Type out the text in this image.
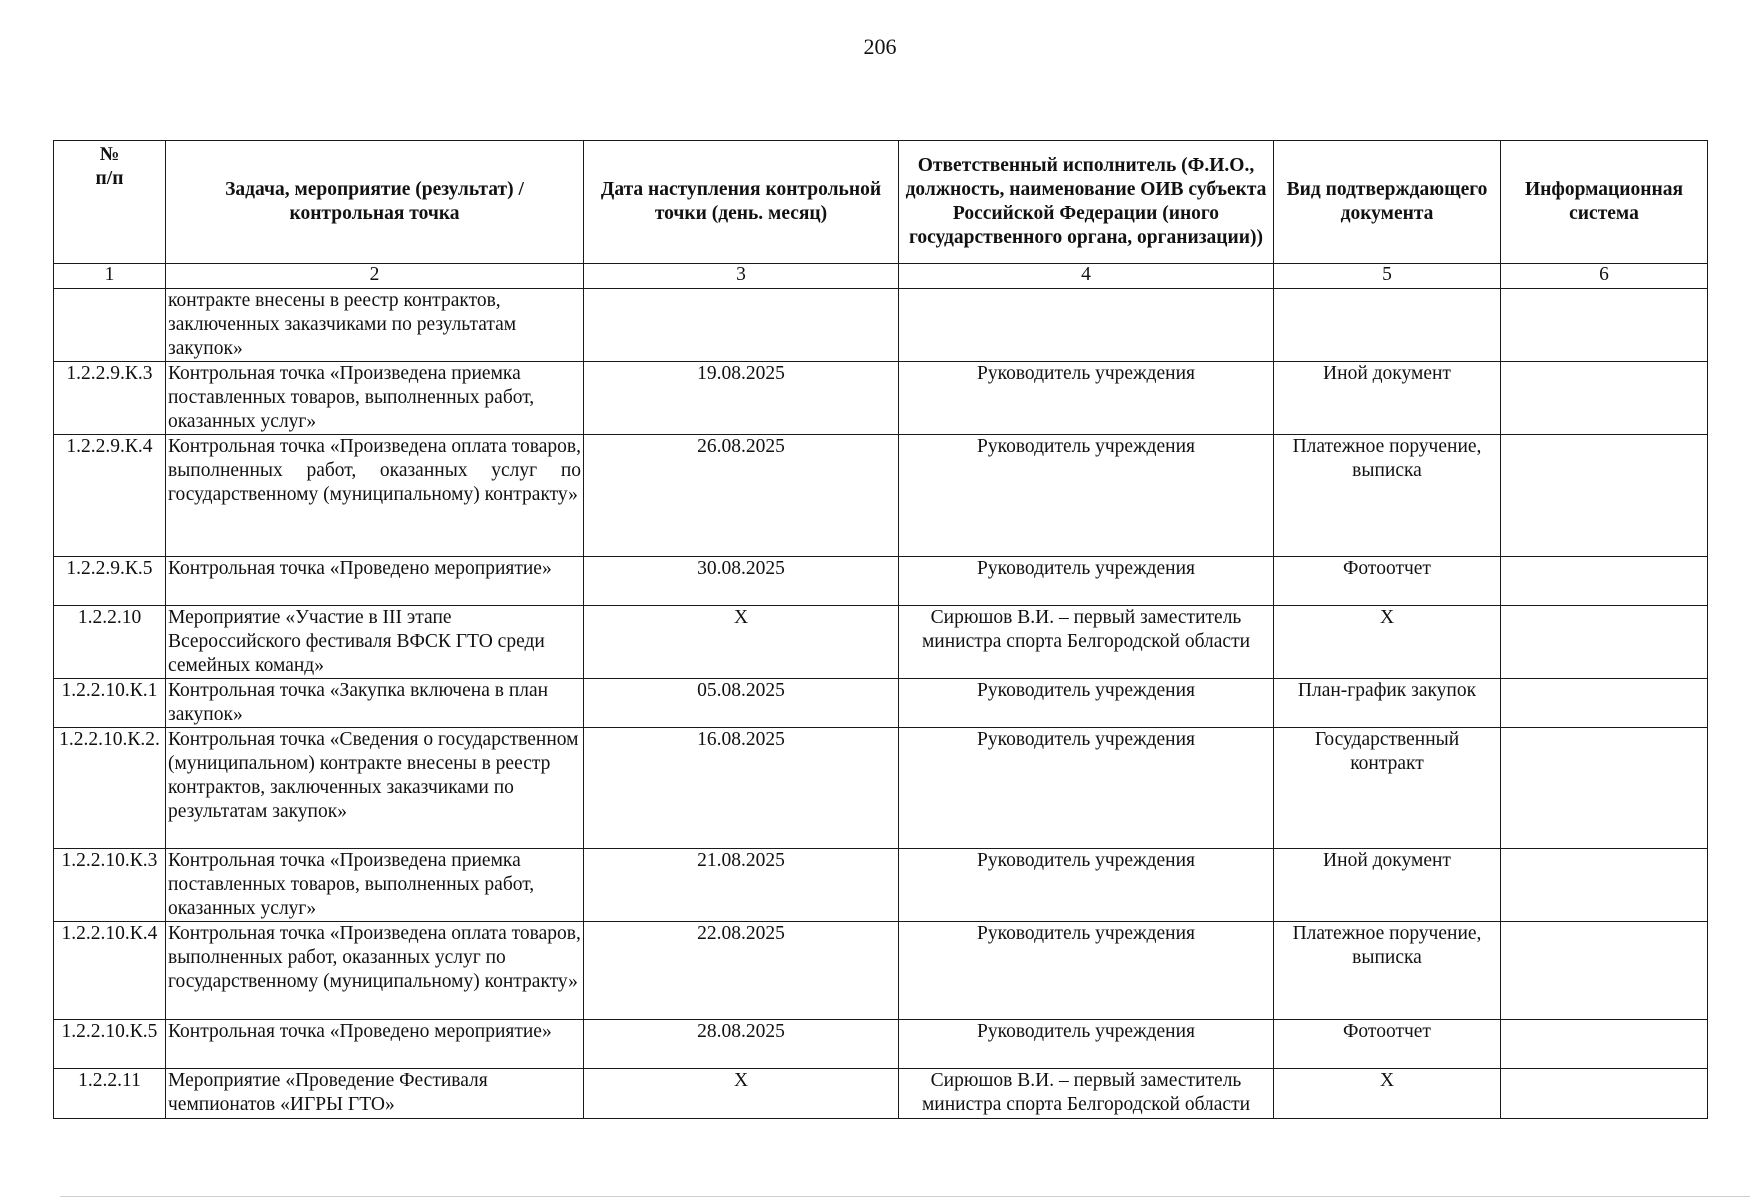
206
№
п/п	Задача, мероприятие (результат) / контрольная точка	Дата наступления контрольной точки (день. месяц)	Ответственный исполнитель (Ф.И.О., должность, наименование ОИВ субъекта Российской Федерации (иного государственного органа, организации))	Вид подтверждающего документа	Информационная система
1	2	3	4	5	6
	контракте внесены в реестр контрактов, заключенных заказчиками по результатам закупок»				
1.2.2.9.К.3	Контрольная точка «Произведена приемка поставленных товаров, выполненных работ, оказанных услуг»	19.08.2025	Руководитель учреждения	Иной документ	
1.2.2.9.К.4	Контрольная точка «Произведена оплата товаров, выполненных работ, оказанных услуг по государственному (муниципальному) контракту»	26.08.2025	Руководитель учреждения	Платежное поручение, выписка	
1.2.2.9.К.5	Контрольная точка «Проведено мероприятие»	30.08.2025	Руководитель учреждения	Фотоотчет	
1.2.2.10	Мероприятие «Участие в III этапе Всероссийского фестиваля ВФСК ГТО среди семейных команд»	X	Сирюшов В.И. – первый заместитель министра спорта Белгородской области	X	
1.2.2.10.К.1	Контрольная точка «Закупка включена в план закупок»	05.08.2025	Руководитель учреждения	План-график закупок	
1.2.2.10.К.2.	Контрольная точка «Сведения о государственном (муниципальном) контракте внесены в реестр контрактов, заключенных заказчиками по результатам закупок»	16.08.2025	Руководитель учреждения	Государственный контракт	
1.2.2.10.К.3	Контрольная точка «Произведена приемка поставленных товаров, выполненных работ, оказанных услуг»	21.08.2025	Руководитель учреждения	Иной документ	
1.2.2.10.К.4	Контрольная точка «Произведена оплата товаров, выполненных работ, оказанных услуг по государственному (муниципальному) контракту»	22.08.2025	Руководитель учреждения	Платежное поручение, выписка	
1.2.2.10.К.5	Контрольная точка «Проведено мероприятие»	28.08.2025	Руководитель учреждения	Фотоотчет	
1.2.2.11	Мероприятие «Проведение Фестиваля чемпионатов «ИГРЫ ГТО»	X	Сирюшов В.И. – первый заместитель министра спорта Белгородской области	X	
